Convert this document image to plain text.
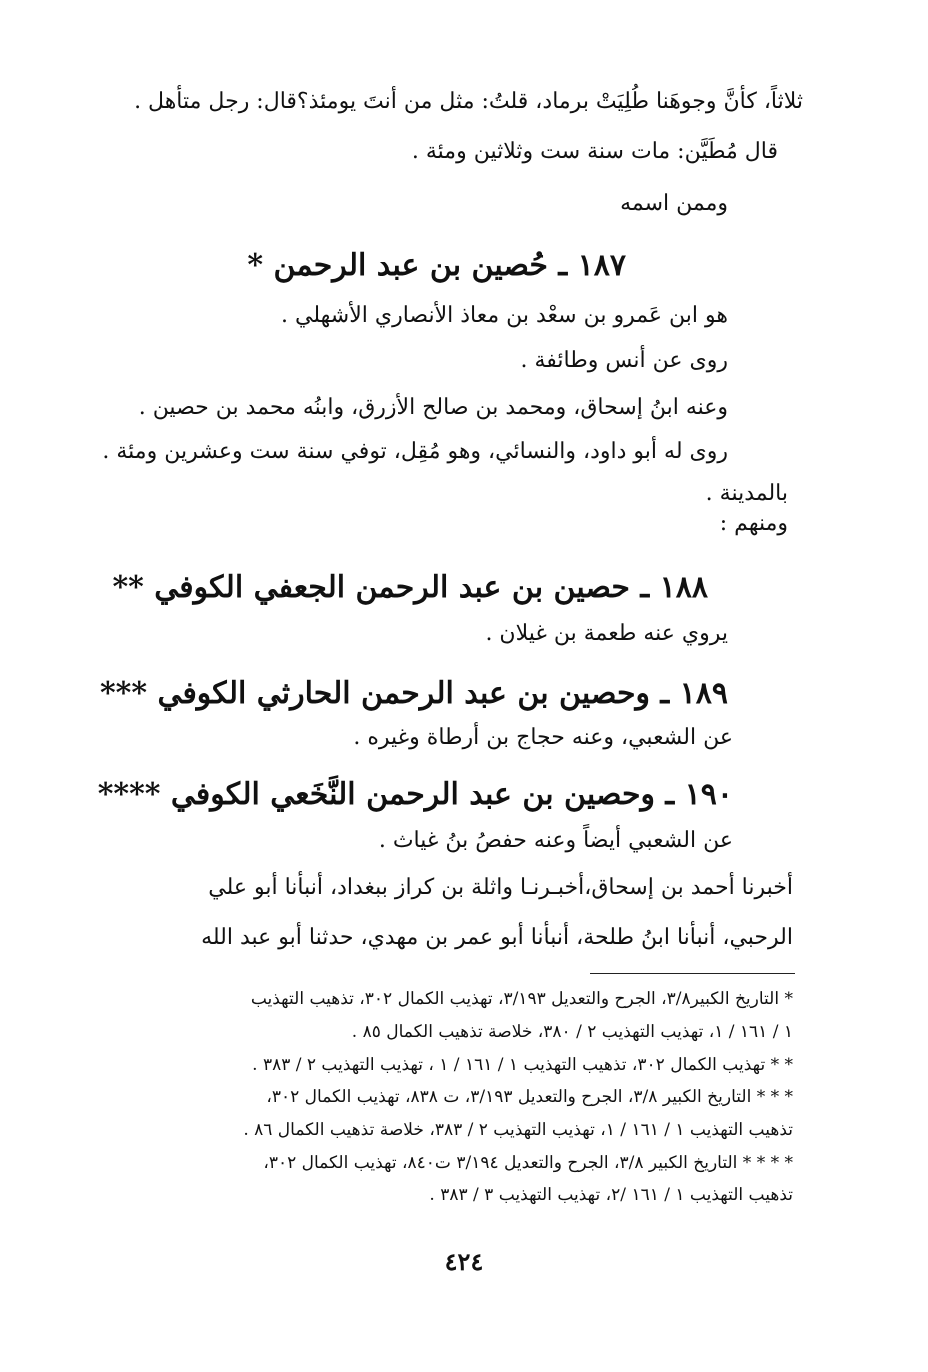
ثلاثاً، كأنَّ وجوهَنا طُلِيَتْ برماد، قلتُ: مثل من أنتَ يومئذ؟قال: رجل متأهل .

قال مُطَيَّن: مات سنة ست وثلاثين ومئة .

وممن اسمه

١٨٧ ـ حُصين بن عبد الرحمن *

هو ابن عَمرو بن سعْد بن معاذ الأنصاري الأشهلي .

روى عن أنس وطائفة .

وعنه ابنُ إسحاق، ومحمد بن صالح الأزرق، وابنُه محمد بن حصين .

روى له أبو داود، والنسائي، وهو مُقِل، توفي سنة ست وعشرين ومئة .

بالمدينة .

ومنهم :

١٨٨ ـ حصين بن عبد الرحمن الجعفي الكوفي **

يروي عنه طعمة بن غيلان .

١٨٩ ـ وحصين بن عبد الرحمن الحارثي الكوفي ***

عن الشعبي، وعنه حجاج بن أرطاة وغيره .

١٩٠ ـ وحصين بن عبد الرحمن النَّخَعي الكوفي ****

عن الشعبي أيضاً وعنه حفصُ بنُ غياث .

أخبرنا أحمد بن إسحاق،أخبـرنـا واثلة بن كراز ببغداد، أنبأنا أبو علي

الرحبي، أنبأنا ابنُ طلحة، أنبأنا أبو عمر بن مهدي، حدثنا أبو عبد الله

* التاريخ الكبير٣/٨، الجرح والتعديل ٣/١٩٣، تهذيب الكمال ٣٠٢، تذهيب التهذيب

١ / ١٦١ / ١، تهذيب التهذيب ٢ / ٣٨٠، خلاصة تذهيب الكمال ٨٥ .

* * تهذيب الكمال ٣٠٢، تذهيب التهذيب ١ / ١٦١ / ١ ، تهذيب التهذيب ٢ / ٣٨٣ .

* * * التاريخ الكبير ٣/٨، الجرح والتعديل ٣/١٩٣، ت ٨٣٨، تهذيب الكمال ٣٠٢،

تذهيب التهذيب ١ / ١٦١ / ١، تهذيب التهذيب ٢ / ٣٨٣، خلاصة تذهيب الكمال ٨٦ .

* * * * التاريخ الكبير ٣/٨، الجرح والتعديل ٣/١٩٤ ت٨٤٠، تهذيب الكمال ٣٠٢،

تذهيب التهذيب ١ / ١٦١ /٢، تهذيب التهذيب ٣ / ٣٨٣ .

٤٢٤
